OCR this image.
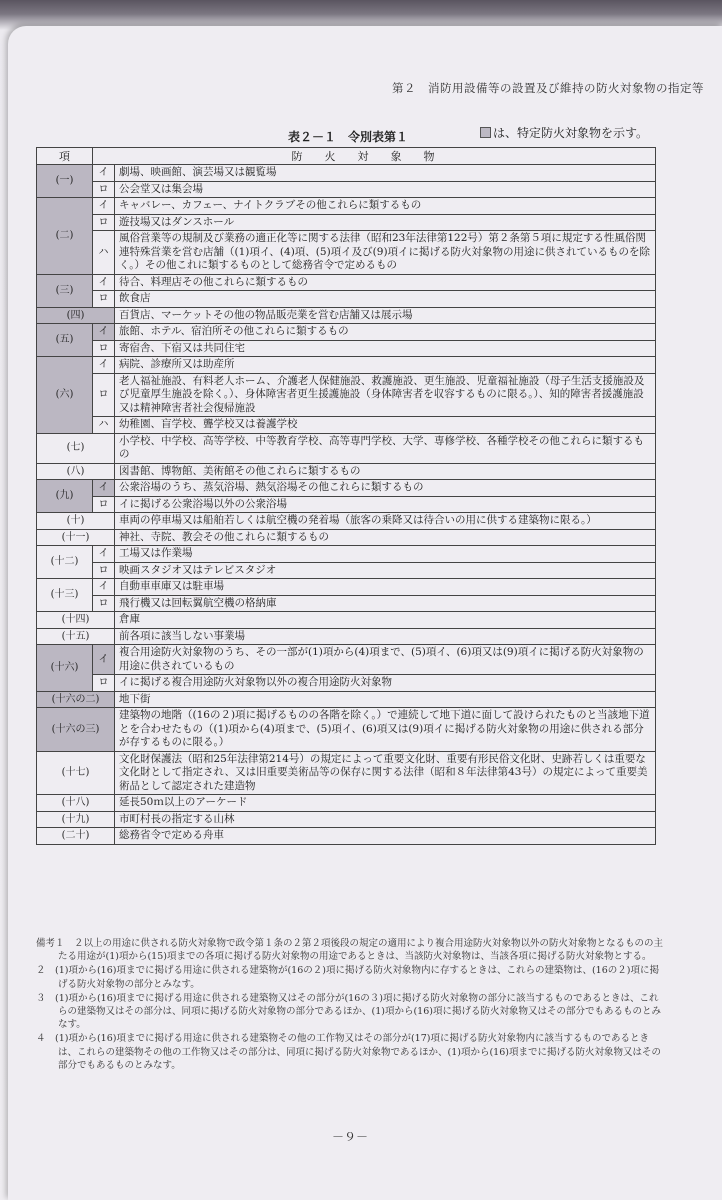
第２　消防用設備等の設置及び維持の防火対象物の指定等
表２－１　令別表第１	は、特定防火対象物を示す。
項	防火対象物	
(一)	イ	劇場、映画館、演芸場又は観覧場
	ロ	公会堂又は集会場
(二)	イ	キャバレー、カフェー、ナイトクラブその他これらに類するもの
	ロ	遊技場又はダンスホール
	ハ	風俗営業等の規制及び業務の適正化等に関する法律（昭和23年法律第122号）第２条第５項に規定する性風俗関連特殊営業を営む店舗（(1)項イ、(4)項、(5)項イ及び(9)項イに掲げる防火対象物の用途に供されているものを除く。）その他これに類するものとして総務省令で定めるもの
(三)	イ	待合、料理店その他これらに類するもの
	ロ	飲食店
(四)		百貨店、マーケットその他の物品販売業を営む店舗又は展示場
(五)	イ	旅館、ホテル、宿泊所その他これらに類するもの
	ロ	寄宿舎、下宿又は共同住宅
(六)	イ	病院、診療所又は助産所
	ロ	老人福祉施設、有料老人ホーム、介護老人保健施設、救護施設、更生施設、児童福祉施設（母子生活支援施設及び児童厚生施設を除く。）、身体障害者更生援護施設（身体障害者を収容するものに限る。）、知的障害者援護施設又は精神障害者社会復帰施設
	ハ	幼稚園、盲学校、聾学校又は養護学校
(七)		小学校、中学校、高等学校、中等教育学校、高等専門学校、大学、専修学校、各種学校その他これらに類するもの
(八)		図書館、博物館、美術館その他これらに類するもの
(九)	イ	公衆浴場のうち、蒸気浴場、熱気浴場その他これらに類するもの
	ロ	イに掲げる公衆浴場以外の公衆浴場
(十)		車両の停車場又は船舶若しくは航空機の発着場（旅客の乗降又は待合いの用に供する建築物に限る。）
(十一)		神社、寺院、教会その他これらに類するもの
(十二)	イ	工場又は作業場
	ロ	映画スタジオ又はテレビスタジオ
(十三)	イ	自動車車庫又は駐車場
	ロ	飛行機又は回転翼航空機の格納庫
(十四)		倉庫
(十五)		前各項に該当しない事業場
(十六)	イ	複合用途防火対象物のうち、その一部が(1)項から(4)項まで、(5)項イ、(6)項又は(9)項イに掲げる防火対象物の用途に供されているもの
	ロ	イに掲げる複合用途防火対象物以外の複合用途防火対象物
(十六の二)		地下街
(十六の三)		建築物の地階（(16の２)項に掲げるものの各階を除く。）で連続して地下道に面して設けられたものと当該地下道とを合わせたもの（(1)項から(4)項まで、(5)項イ、(6)項又は(9)項イに掲げる防火対象物の用途に供される部分が存するものに限る。）
(十七)		文化財保護法（昭和25年法律第214号）の規定によって重要文化財、重要有形民俗文化財、史跡若しくは重要な文化財として指定され、又は旧重要美術品等の保存に関する法律（昭和８年法律第43号）の規定によって重要美術品として認定された建造物
(十八)		延長50ｍ以上のアーケード
(十九)		市町村長の指定する山林
(二十)		総務省令で定める舟車

備考１　２以上の用途に供される防火対象物で政令第１条の２第２項後段の規定の適用により複合用途防火対象物以外の防火対象物となるものの主たる用途が(1)項から(15)項までの各項に掲げる防火対象物の用途であるときは、当該防火対象物は、当該各項に掲げる防火対象物とする。

２　(1)項から(16)項までに掲げる用途に供される建築物が(16の２)項に掲げる防火対象物内に存するときは、これらの建築物は、(16の２)項に掲げる防火対象物の部分とみなす。

３　(1)項から(16)項までに掲げる用途に供される建築物又はその部分が(16の３)項に掲げる防火対象物の部分に該当するものであるときは、これらの建築物又はその部分は、同項に掲げる防火対象物の部分であるほか、(1)項から(16)項に掲げる防火対象物又はその部分でもあるものとみなす。

４　(1)項から(16)項までに掲げる用途に供される建築物その他の工作物又はその部分が(17)項に掲げる防火対象物内に該当するものであるときは、これらの建築物その他の工作物又はその部分は、同項に掲げる防火対象物であるほか、(1)項から(16)項までに掲げる防火対象物又はその部分でもあるものとみなす。

－９－
